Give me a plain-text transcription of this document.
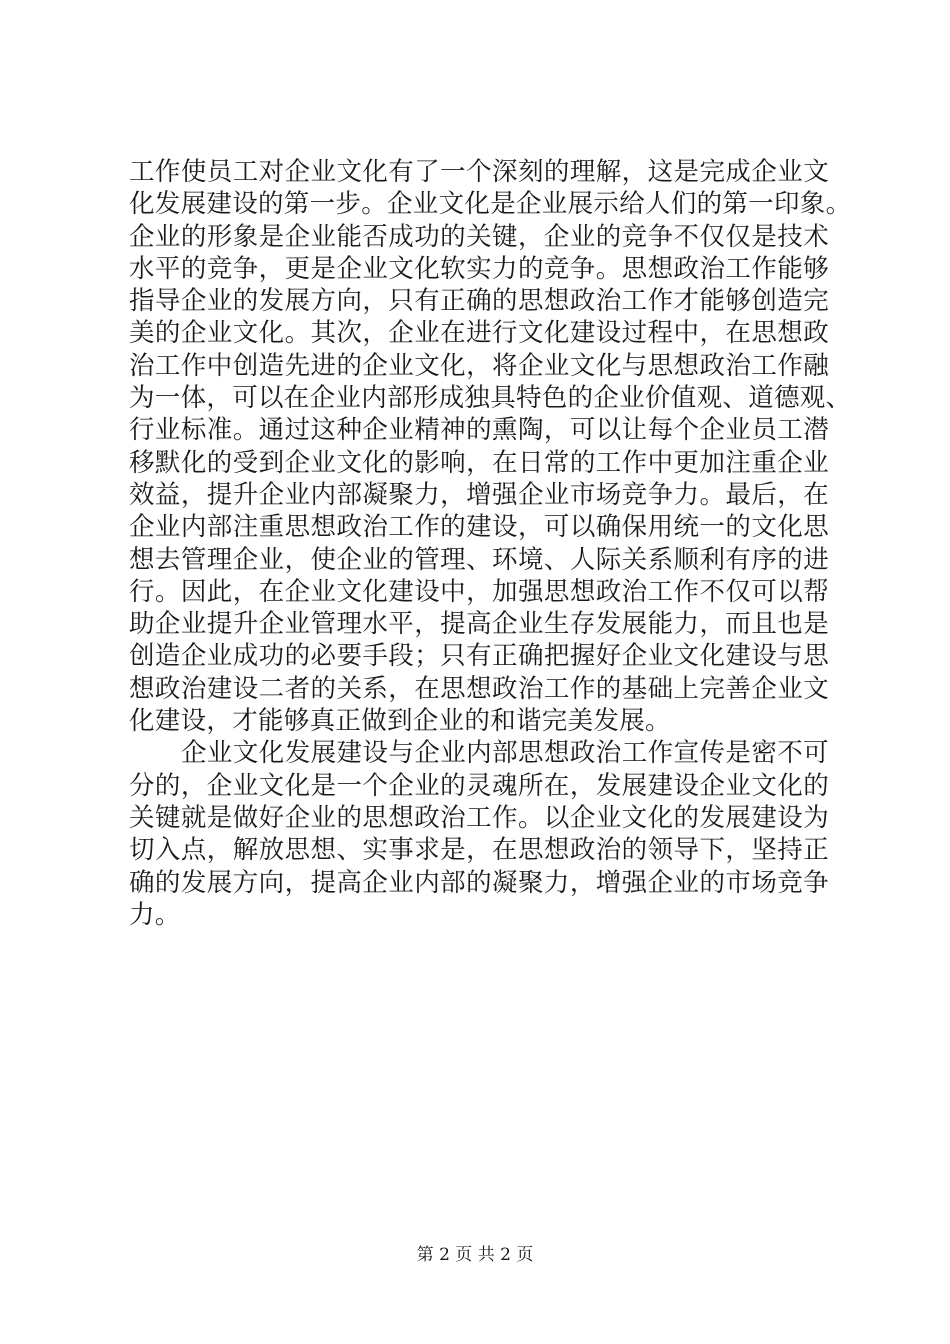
工作使员工对企业文化有了一个深刻的理解，这是完成企业文
化发展建设的第一步。企业文化是企业展示给人们的第一印象。
企业的形象是企业能否成功的关键，企业的竞争不仅仅是技术
水平的竞争，更是企业文化软实力的竞争。思想政治工作能够
指导企业的发展方向，只有正确的思想政治工作才能够创造完
美的企业文化。其次，企业在进行文化建设过程中，在思想政
治工作中创造先进的企业文化，将企业文化与思想政治工作融
为一体，可以在企业内部形成独具特色的企业价值观、道德观、
行业标准。通过这种企业精神的熏陶，可以让每个企业员工潜
移默化的受到企业文化的影响，在日常的工作中更加注重企业
效益，提升企业内部凝聚力，增强企业市场竞争力。最后，在
企业内部注重思想政治工作的建设，可以确保用统一的文化思
想去管理企业，使企业的管理、环境、人际关系顺利有序的进
行。因此，在企业文化建设中，加强思想政治工作不仅可以帮
助企业提升企业管理水平，提高企业生存发展能力，而且也是
创造企业成功的必要手段；只有正确把握好企业文化建设与思
想政治建设二者的关系，在思想政治工作的基础上完善企业文
化建设，才能够真正做到企业的和谐完美发展。
企业文化发展建设与企业内部思想政治工作宣传是密不可
分的，企业文化是一个企业的灵魂所在，发展建设企业文化的
关键就是做好企业的思想政治工作。以企业文化的发展建设为
切入点，解放思想、实事求是，在思想政治的领导下，坚持正
确的发展方向，提高企业内部的凝聚力，增强企业的市场竞争
力。
第 2 页 共 2 页
